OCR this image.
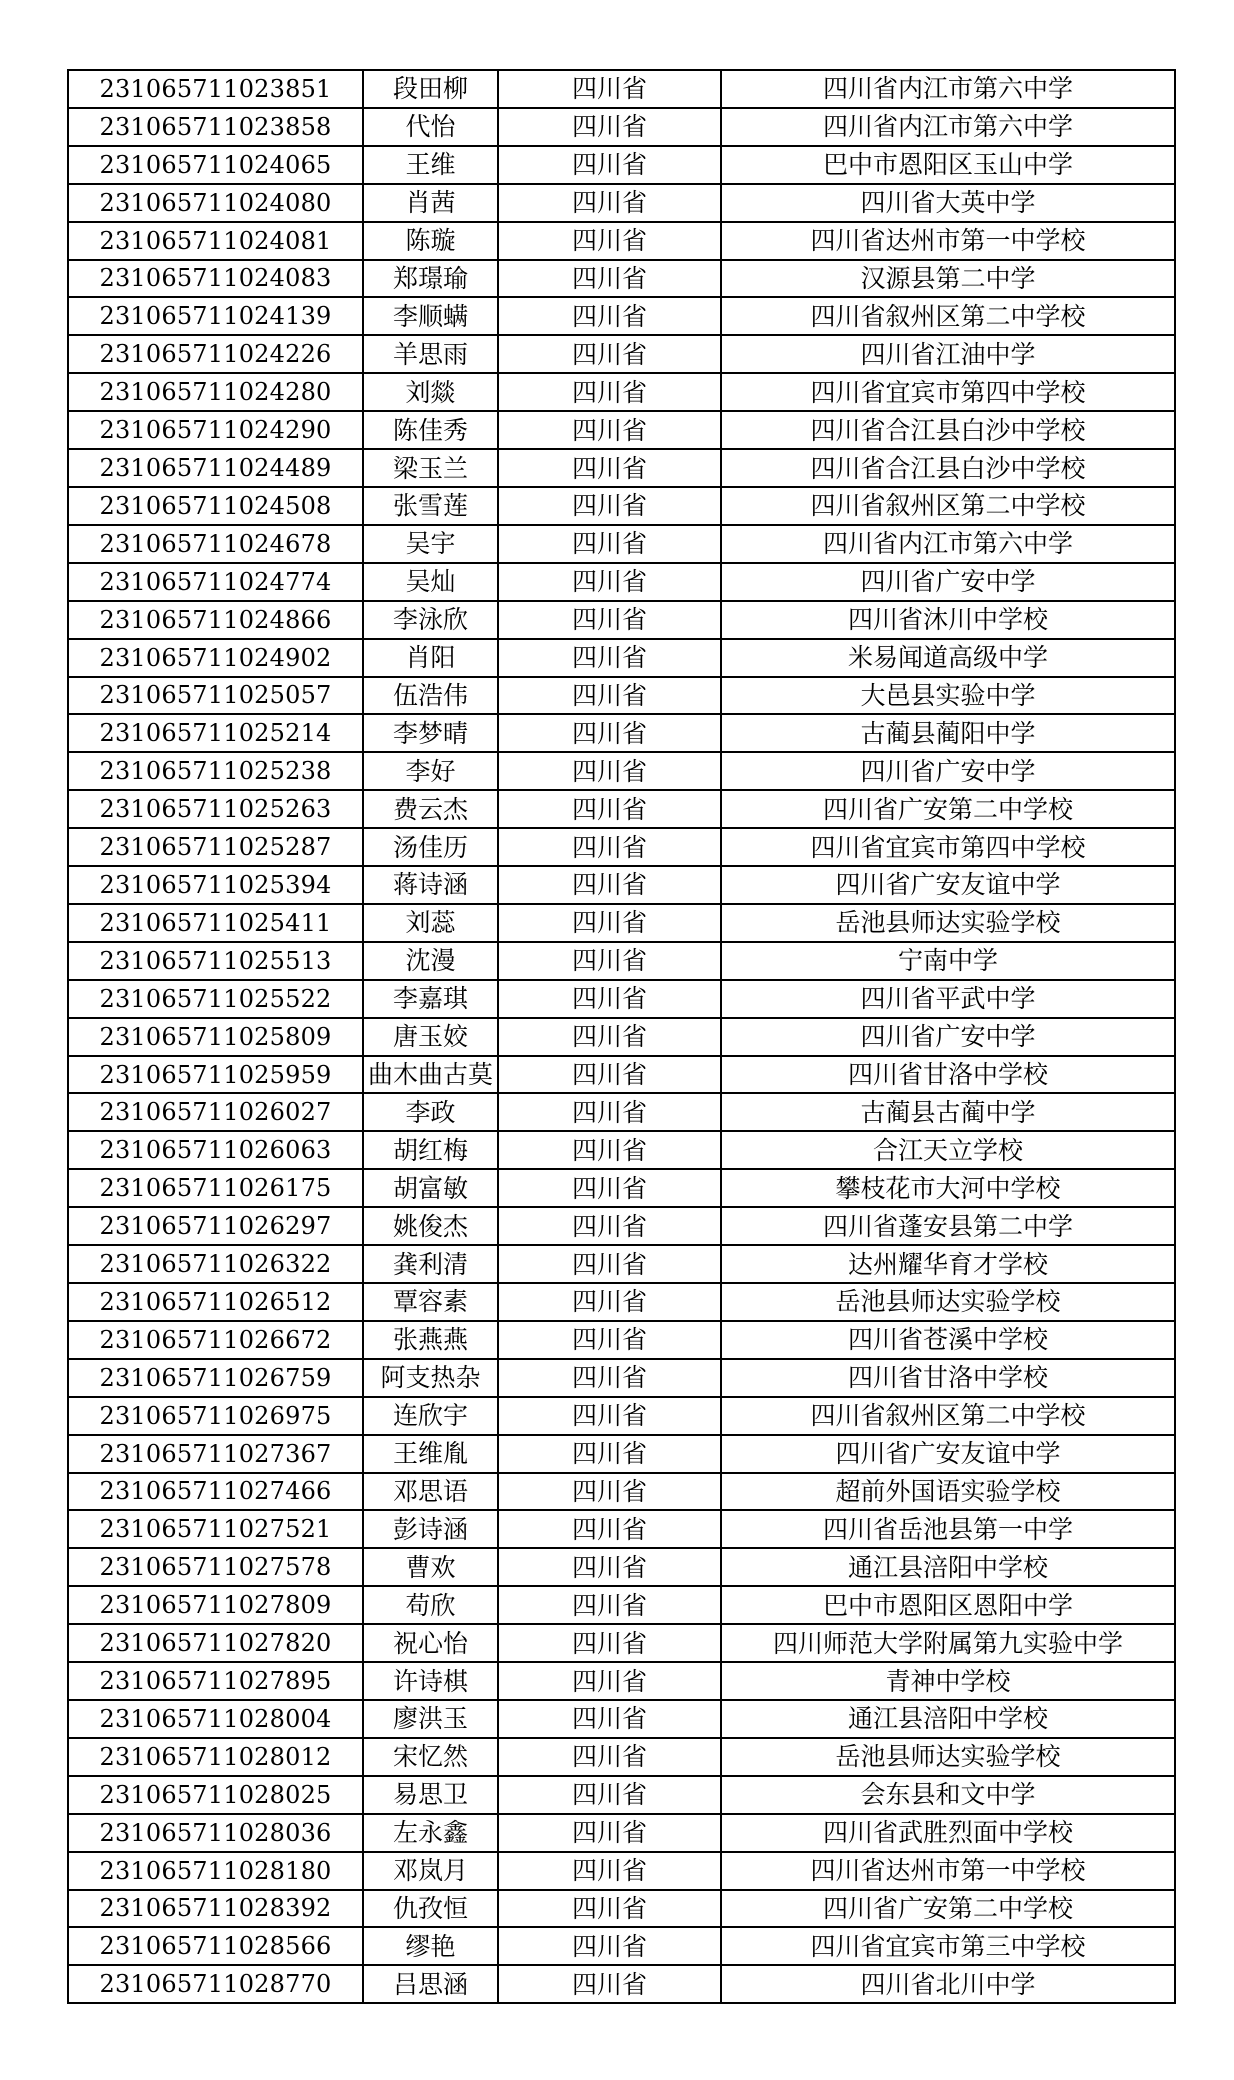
231065711023851	段田柳	四川省	四川省内江市第六中学
231065711023858	代怡	四川省	四川省内江市第六中学
231065711024065	王维	四川省	巴中市恩阳区玉山中学
231065711024080	肖茜	四川省	四川省大英中学
231065711024081	陈璇	四川省	四川省达州市第一中学校
231065711024083	郑璟瑜	四川省	汉源县第二中学
231065711024139	李顺螨	四川省	四川省叙州区第二中学校
231065711024226	羊思雨	四川省	四川省江油中学
231065711024280	刘燚	四川省	四川省宜宾市第四中学校
231065711024290	陈佳秀	四川省	四川省合江县白沙中学校
231065711024489	梁玉兰	四川省	四川省合江县白沙中学校
231065711024508	张雪莲	四川省	四川省叙州区第二中学校
231065711024678	吴宇	四川省	四川省内江市第六中学
231065711024774	吴灿	四川省	四川省广安中学
231065711024866	李泳欣	四川省	四川省沐川中学校
231065711024902	肖阳	四川省	米易闻道高级中学
231065711025057	伍浩伟	四川省	大邑县实验中学
231065711025214	李梦晴	四川省	古蔺县蔺阳中学
231065711025238	李好	四川省	四川省广安中学
231065711025263	费云杰	四川省	四川省广安第二中学校
231065711025287	汤佳历	四川省	四川省宜宾市第四中学校
231065711025394	蒋诗涵	四川省	四川省广安友谊中学
231065711025411	刘蕊	四川省	岳池县师达实验学校
231065711025513	沈漫	四川省	宁南中学
231065711025522	李嘉琪	四川省	四川省平武中学
231065711025809	唐玉姣	四川省	四川省广安中学
231065711025959	曲木曲古莫	四川省	四川省甘洛中学校
231065711026027	李政	四川省	古蔺县古蔺中学
231065711026063	胡红梅	四川省	合江天立学校
231065711026175	胡富敏	四川省	攀枝花市大河中学校
231065711026297	姚俊杰	四川省	四川省蓬安县第二中学
231065711026322	龚利清	四川省	达州耀华育才学校
231065711026512	覃容素	四川省	岳池县师达实验学校
231065711026672	张燕燕	四川省	四川省苍溪中学校
231065711026759	阿支热杂	四川省	四川省甘洛中学校
231065711026975	连欣宇	四川省	四川省叙州区第二中学校
231065711027367	王维胤	四川省	四川省广安友谊中学
231065711027466	邓思语	四川省	超前外国语实验学校
231065711027521	彭诗涵	四川省	四川省岳池县第一中学
231065711027578	曹欢	四川省	通江县涪阳中学校
231065711027809	苟欣	四川省	巴中市恩阳区恩阳中学
231065711027820	祝心怡	四川省	四川师范大学附属第九实验中学
231065711027895	许诗棋	四川省	青神中学校
231065711028004	廖洪玉	四川省	通江县涪阳中学校
231065711028012	宋忆然	四川省	岳池县师达实验学校
231065711028025	易思卫	四川省	会东县和文中学
231065711028036	左永鑫	四川省	四川省武胜烈面中学校
231065711028180	邓岚月	四川省	四川省达州市第一中学校
231065711028392	仇孜恒	四川省	四川省广安第二中学校
231065711028566	缪艳	四川省	四川省宜宾市第三中学校
231065711028770	吕思涵	四川省	四川省北川中学
